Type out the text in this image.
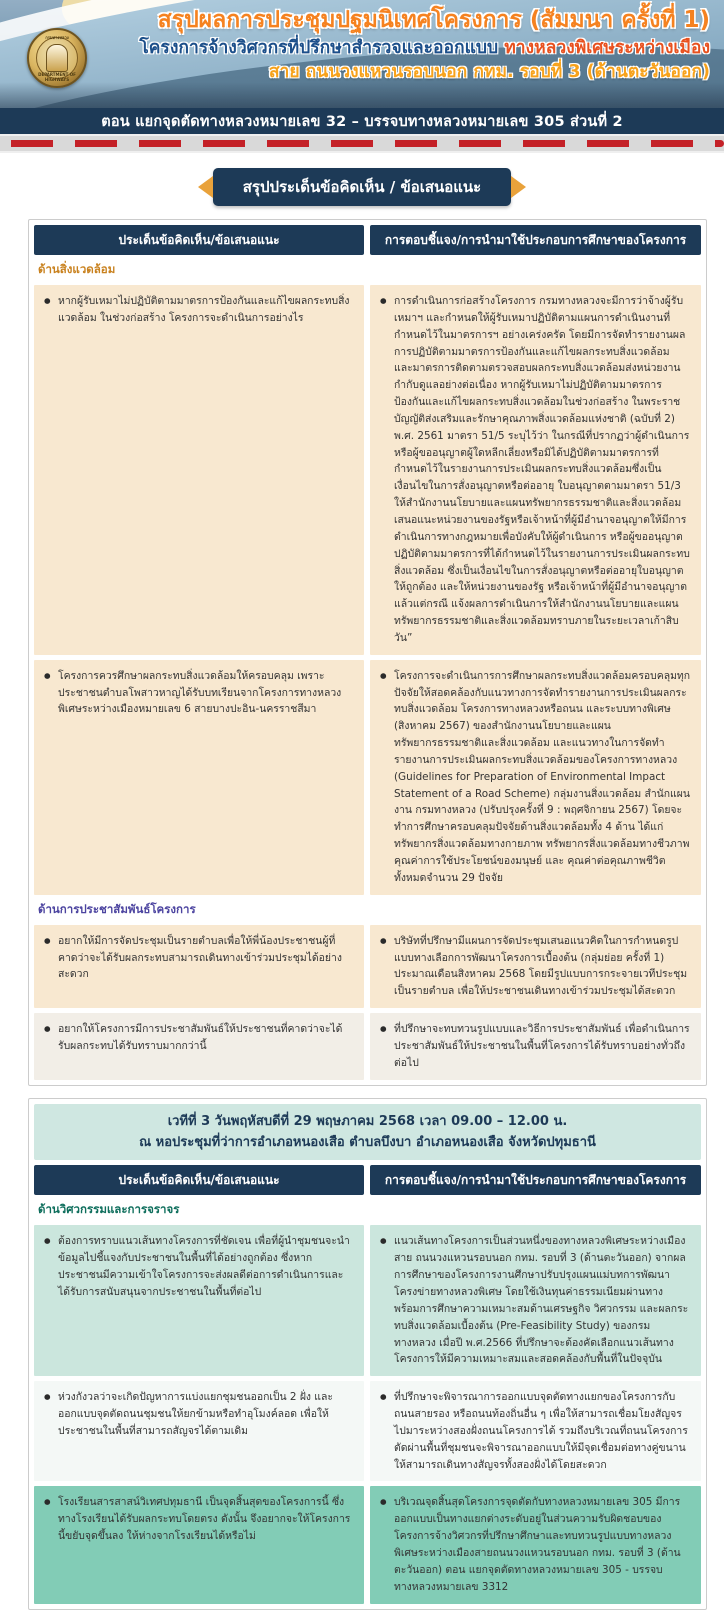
กรมทางหลวง
DEPARTMENT OF HIGHWAYS
สรุปผลการประชุมปฐมนิเทศโครงการ (สัมมนา ครั้งที่ 1)
โครงการจ้างวิศวกรที่ปรึกษาสำรวจและออกแบบ ทางหลวงพิเศษระหว่างเมือง
สาย ถนนวงแหวนรอบนอก กทม. รอบที่ 3 (ด้านตะวันออก)
ตอน แยกจุดตัดทางหลวงหมายเลข 32 – บรรจบทางหลวงหมายเลข 305 ส่วนที่ 2
สรุปประเด็นข้อคิดเห็น / ข้อเสนอแนะ
ประเด็นข้อคิดเห็น/ข้อเสนอแนะ	การตอบชี้แจง/การนำมาใช้ประกอบการศึกษาของโครงการ
ด้านสิ่งแวดล้อม
● หากผู้รับเหมาไม่ปฏิบัติตามมาตรการป้องกันและแก้ไขผลกระทบสิ่งแวดล้อม ในช่วงก่อสร้าง โครงการจะดำเนินการอย่างไร
● การดำเนินการก่อสร้างโครงการ กรมทางหลวงจะมีการว่าจ้างผู้รับเหมาฯ และกำหนดให้ผู้รับเหมาปฏิบัติตามแผนการดำเนินงานที่กำหนดไว้ในมาตรการฯ อย่างเคร่งครัด โดยมีการจัดทำรายงานผลการปฏิบัติตามมาตรการป้องกันและแก้ไขผลกระทบสิ่งแวดล้อม และมาตรการติดตามตรวจสอบผลกระทบสิ่งแวดล้อมส่งหน่วยงานกำกับดูแลอย่างต่อเนื่อง หากผู้รับเหมาไม่ปฏิบัติตามมาตรการป้องกันและแก้ไขผลกระทบสิ่งแวดล้อมในช่วงก่อสร้าง ในพระราชบัญญัติส่งเสริมและรักษาคุณภาพสิ่งแวดล้อมแห่งชาติ (ฉบับที่ 2) พ.ศ. 2561 มาตรา 51/5 ระบุไว้ว่า ในกรณีที่ปรากฏว่าผู้ดำเนินการหรือผู้ขออนุญาตผู้ใดหลีกเลี่ยงหรือมิได้ปฏิบัติตามมาตรการที่กำหนดไว้ในรายงานการประเมินผลกระทบสิ่งแวดล้อมซึ่งเป็นเงื่อนไขในการสั่งอนุญาตหรือต่ออายุ ใบอนุญาตตามมาตรา 51/3 ให้สำนักงานนโยบายและแผนทรัพยากรธรรมชาติและสิ่งแวดล้อมเสนอแนะหน่วยงานของรัฐหรือเจ้าหน้าที่ผู้มีอำนาจอนุญาตให้มีการดำเนินการทางกฎหมายเพื่อบังคับให้ผู้ดำเนินการ หรือผู้ขออนุญาตปฏิบัติตามมาตรการที่ได้กำหนดไว้ในรายงานการประเมินผลกระทบสิ่งแวดล้อม ซึ่งเป็นเงื่อนไขในการสั่งอนุญาตหรือต่ออายุใบอนุญาตให้ถูกต้อง และให้หน่วยงานของรัฐ หรือเจ้าหน้าที่ผู้มีอำนาจอนุญาต แล้วแต่กรณี แจ้งผลการดำเนินการให้สำนักงานนโยบายและแผนทรัพยากรธรรมชาติและสิ่งแวดล้อมทราบภายในระยะเวลาเก้าสิบวัน”
● โครงการควรศึกษาผลกระทบสิ่งแวดล้อมให้ครอบคลุม เพราะประชาชนตำบลโพสาวหาญได้รับบทเรียนจากโครงการทางหลวงพิเศษระหว่างเมืองหมายเลข 6 สายบางปะอิน-นครราชสีมา
● โครงการจะดำเนินการการศึกษาผลกระทบสิ่งแวดล้อมครอบคลุมทุกปัจจัยให้สอดคล้องกับแนวทางการจัดทำรายงานการประเมินผลกระทบสิ่งแวดล้อม โครงการทางหลวงหรือถนน และระบบทางพิเศษ (สิงหาคม 2567) ของสำนักงานนโยบายและแผนทรัพยากรธรรมชาติและสิ่งแวดล้อม และแนวทางในการจัดทำรายงานการประเมินผลกระทบสิ่งแวดล้อมของโครงการทางหลวง (Guidelines for Preparation of Environmental Impact Statement of a Road Scheme) กลุ่มงานสิ่งแวดล้อม สำนักแผนงาน กรมทางหลวง (ปรับปรุงครั้งที่ 9 : พฤศจิกายน 2567) โดยจะทำการศึกษาครอบคลุมปัจจัยด้านสิ่งแวดล้อมทั้ง 4 ด้าน ได้แก่ ทรัพยากรสิ่งแวดล้อมทางกายภาพ ทรัพยากรสิ่งแวดล้อมทางชีวภาพ คุณค่าการใช้ประโยชน์ของมนุษย์ และ คุณค่าต่อคุณภาพชีวิต ทั้งหมดจำนวน 29 ปัจจัย
ด้านการประชาสัมพันธ์โครงการ
● อยากให้มีการจัดประชุมเป็นรายตำบลเพื่อให้พี่น้องประชาชนผู้ที่คาดว่าจะได้รับผลกระทบสามารถเดินทางเข้าร่วมประชุมได้อย่างสะดวก
● บริษัทที่ปรึกษามีแผนการจัดประชุมเสนอแนวคิดในการกำหนดรูปแบบทางเลือกการพัฒนาโครงการเบื้องต้น (กลุ่มย่อย ครั้งที่ 1) ประมาณเดือนสิงหาคม 2568 โดยมีรูปแบบการกระจายเวทีประชุมเป็นรายตำบล เพื่อให้ประชาชนเดินทางเข้าร่วมประชุมได้สะดวก
● อยากให้โครงการมีการประชาสัมพันธ์ให้ประชาชนที่คาดว่าจะได้รับผลกระทบได้รับทราบมากกว่านี้
● ที่ปรึกษาจะทบทวนรูปแบบและวิธีการประชาสัมพันธ์ เพื่อดำเนินการประชาสัมพันธ์ให้ประชาชนในพื้นที่โครงการได้รับทราบอย่างทั่วถึงต่อไป
เวทีที่ 3 วันพฤหัสบดีที่ 29 พฤษภาคม 2568 เวลา 09.00 – 12.00 น.
ณ หอประชุมที่ว่าการอำเภอหนองเสือ ตำบลบึงบา อำเภอหนองเสือ จังหวัดปทุมธานี
ประเด็นข้อคิดเห็น/ข้อเสนอแนะ	การตอบชี้แจง/การนำมาใช้ประกอบการศึกษาของโครงการ
ด้านวิศวกรรมและการจราจร
● ต้องการทราบแนวเส้นทางโครงการที่ชัดเจน เพื่อที่ผู้นำชุมชนจะนำข้อมูลไปชี้แจงกับประชาชนในพื้นที่ได้อย่างถูกต้อง ซึ่งหากประชาชนมีความเข้าใจโครงการจะส่งผลดีต่อการดำเนินการและได้รับการสนับสนุนจากประชาชนในพื้นที่ต่อไป
● แนวเส้นทางโครงการเป็นส่วนหนึ่งของทางหลวงพิเศษระหว่างเมือง สาย ถนนวงแหวนรอบนอก กทม. รอบที่ 3 (ด้านตะวันออก) จากผลการศึกษาของโครงการงานศึกษาปรับปรุงแผนแม่บทการพัฒนาโครงข่ายทางหลวงพิเศษ โดยใช้เงินทุนค่าธรรมเนียมผ่านทาง พร้อมการศึกษาความเหมาะสมด้านเศรษฐกิจ วิศวกรรม และผลกระทบสิ่งแวดล้อมเบื้องต้น (Pre-Feasibility Study) ของกรมทางหลวง เมื่อปี พ.ศ.2566 ที่ปรึกษาจะต้องคัดเลือกแนวเส้นทางโครงการให้มีความเหมาะสมและสอดคล้องกับพื้นที่ในปัจจุบัน
● ห่วงกังวลว่าจะเกิดปัญหาการแบ่งแยกชุมชนออกเป็น 2 ฝั่ง และออกแบบจุดตัดถนนชุมชนให้ยกข้ามหรือทำอุโมงค์ลอด เพื่อให้ประชาชนในพื้นที่สามารถสัญจรได้ตามเดิม
● ที่ปรึกษาจะพิจารณาการออกแบบจุดตัดทางแยกของโครงการกับถนนสายรอง หรือถนนท้องถิ่นอื่น ๆ เพื่อให้สามารถเชื่อมโยงสัญจรไปมาระหว่างสองฝั่งถนนโครงการได้ รวมถึงบริเวณที่ถนนโครงการตัดผ่านพื้นที่ชุมชนจะพิจารณาออกแบบให้มีจุดเชื่อมต่อทางคู่ขนานให้สามารถเดินทางสัญจรทั้งสองฝั่งได้โดยสะดวก
● โรงเรียนสารสาสน์วิเทศปทุมธานี เป็นจุดสิ้นสุดของโครงการนี้ ซึ่งทางโรงเรียนได้รับผลกระทบโดยตรง ดังนั้น จึงอยากจะให้โครงการนี้ขยับจุดขึ้นลง ให้ห่างจากโรงเรียนได้หรือไม่
● บริเวณจุดสิ้นสุดโครงการจุดตัดกับทางหลวงหมายเลข 305 มีการออกแบบเป็นทางแยกต่างระดับอยู่ในส่วนความรับผิดชอบของโครงการจ้างวิศวกรที่ปรึกษาศึกษาและทบทวนรูปแบบทางหลวงพิเศษระหว่างเมืองสายถนนวงแหวนรอบนอก กทม. รอบที่ 3 (ด้านตะวันออก) ตอน แยกจุดตัดทางหลวงหมายเลข 305 - บรรจบทางหลวงหมายเลข 3312
